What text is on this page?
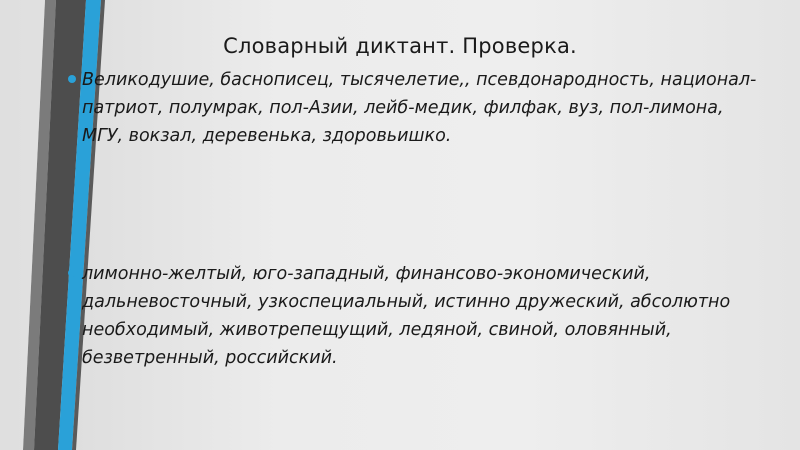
Словарный диктант. Проверка.
Великодушие, баснописец, тысячелетие,, псевдонародность, национал-патриот, полумрак, пол-Азии, лейб-медик, филфак, вуз, пол-лимона, МГУ, вокзал, деревенька, здоровьишко.
лимонно-желтый, юго-западный, финансово-экономический, дальневосточный, узкоспециальный, истинно дружеский, абсолютно необходимый, животрепещущий, ледяной, свиной, оловянный, безветренный, российский.
